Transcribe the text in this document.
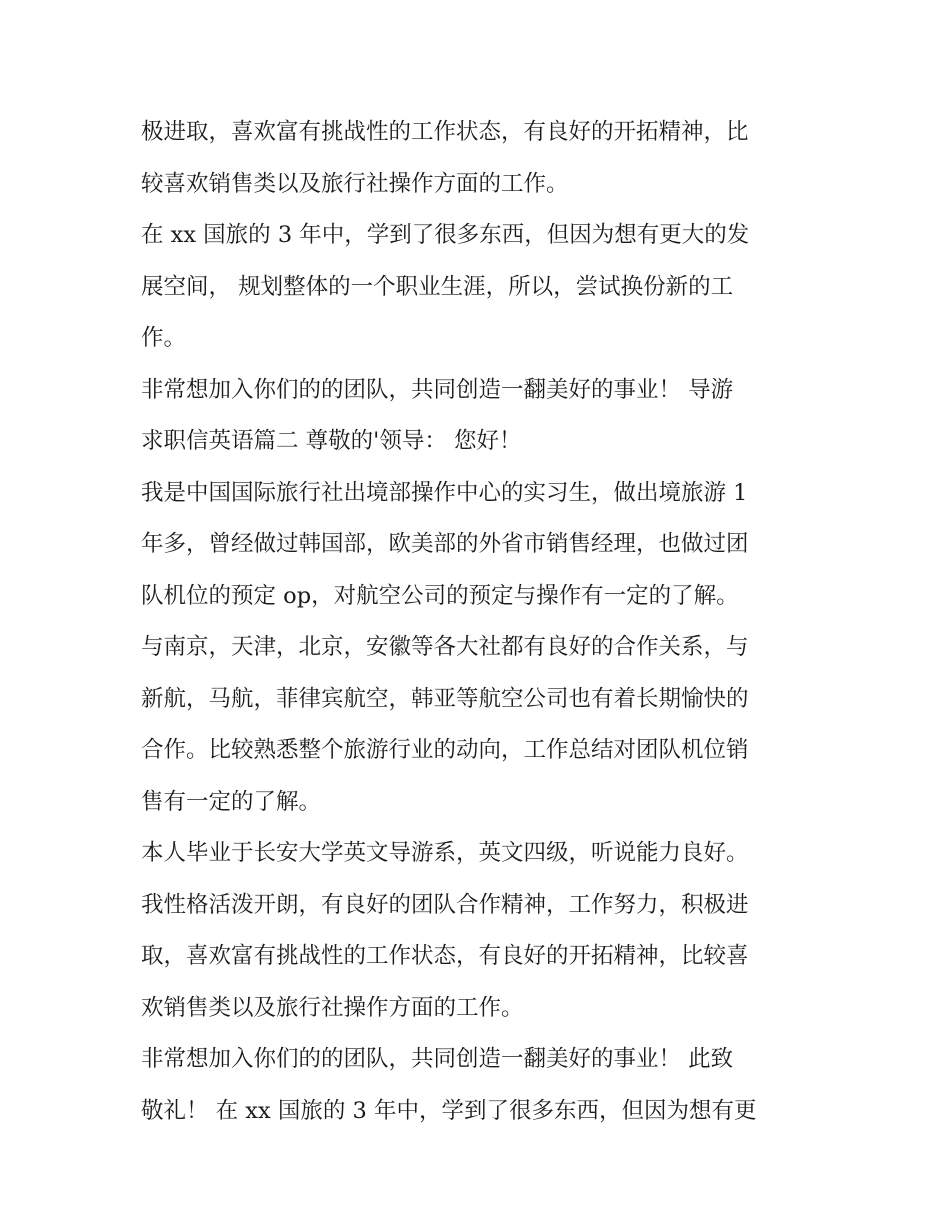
极进取，喜欢富有挑战性的工作状态，有良好的开拓精神，比
较喜欢销售类以及旅行社操作方面的工作。
在 xx 国旅的 3 年中，学到了很多东西，但因为想有更大的发
展空间， 规划整体的一个职业生涯，所以，尝试换份新的工
作。
非常想加入你们的的团队，共同创造一翻美好的事业！ 导游
求职信英语篇二 尊敬的'领导： 您好！
我是中国国际旅行社出境部操作中心的实习生，做出境旅游 1
年多，曾经做过韩国部，欧美部的外省市销售经理，也做过团
队机位的预定 op，对航空公司的预定与操作有一定的了解。
与南京，天津，北京，安徽等各大社都有良好的合作关系，与
新航，马航，菲律宾航空，韩亚等航空公司也有着长期愉快的
合作。比较熟悉整个旅游行业的动向，工作总结对团队机位销
售有一定的了解。
本人毕业于长安大学英文导游系，英文四级，听说能力良好。
我性格活泼开朗，有良好的团队合作精神，工作努力，积极进
取，喜欢富有挑战性的工作状态，有良好的开拓精神，比较喜
欢销售类以及旅行社操作方面的工作。
非常想加入你们的的团队，共同创造一翻美好的事业！ 此致
敬礼！ 在 xx 国旅的 3 年中，学到了很多东西，但因为想有更
